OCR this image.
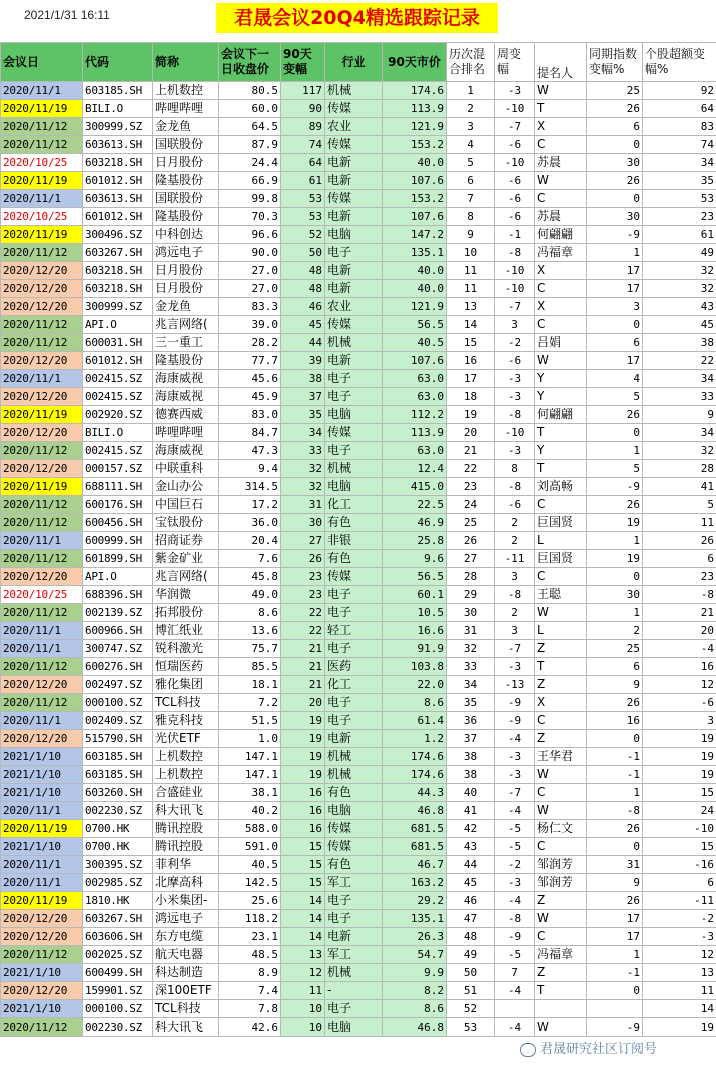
2021/1/31 16:11	君晟会议20Q4精选跟踪记录
会议日	代码	简称	会议下一日收盘价	90天变幅	行业	90天市价	历次混合排名	周变幅	提名人	同期指数变幅%	个股超额变幅%
2020/11/1	603185.SH	上机数控	80.5	117	机械	174.6	1	-3	W	25	92
2020/11/19	BILI.O	哔哩哔哩	60.0	90	传媒	113.9	2	-10	T	26	64
2020/11/12	300999.SZ	金龙鱼	64.5	89	农业	121.9	3	-7	X	6	83
2020/11/12	603613.SH	国联股份	87.9	74	传媒	153.2	4	-6	C	0	74
2020/10/25	603218.SH	日月股份	24.4	64	电新	40.0	5	-10	苏晨	30	34
2020/11/19	601012.SH	隆基股份	66.9	61	电新	107.6	6	-6	W	26	35
2020/11/1	603613.SH	国联股份	99.8	53	传媒	153.2	7	-6	C	0	53
2020/10/25	601012.SH	隆基股份	70.3	53	电新	107.6	8	-6	苏晨	30	23
2020/11/19	300496.SZ	中科创达	96.6	52	电脑	147.2	9	-1	何翩翩	-9	61
2020/11/12	603267.SH	鸿远电子	90.0	50	电子	135.1	10	-8	冯福章	1	49
2020/12/20	603218.SH	日月股份	27.0	48	电新	40.0	11	-10	X	17	32
2020/12/20	603218.SH	日月股份	27.0	48	电新	40.0	11	-10	C	17	32
2020/12/20	300999.SZ	金龙鱼	83.3	46	农业	121.9	13	-7	X	3	43
2020/11/12	API.O	兆言网络(	39.0	45	传媒	56.5	14	3	C	0	45
2020/11/12	600031.SH	三一重工	28.2	44	机械	40.5	15	-2	吕娟	6	38
2020/12/20	601012.SH	隆基股份	77.7	39	电新	107.6	16	-6	W	17	22
2020/11/1	002415.SZ	海康威视	45.6	38	电子	63.0	17	-3	Y	4	34
2020/12/20	002415.SZ	海康威视	45.9	37	电子	63.0	18	-3	Y	5	33
2020/11/19	002920.SZ	德赛西威	83.0	35	电脑	112.2	19	-8	何翩翩	26	9
2020/12/20	BILI.O	哔哩哔哩	84.7	34	传媒	113.9	20	-10	T	0	34
2020/11/12	002415.SZ	海康威视	47.3	33	电子	63.0	21	-3	Y	1	32
2020/12/20	000157.SZ	中联重科	9.4	32	机械	12.4	22	8	T	5	28
2020/11/19	688111.SH	金山办公	314.5	32	电脑	415.0	23	-8	刘高畅	-9	41
2020/11/12	600176.SH	中国巨石	17.2	31	化工	22.5	24	-6	C	26	5
2020/11/12	600456.SH	宝钛股份	36.0	30	有色	46.9	25	2	巨国贤	19	11
2020/11/1	600999.SH	招商证券	20.4	27	非银	25.8	26	2	L	1	26
2020/11/12	601899.SH	紫金矿业	7.6	26	有色	9.6	27	-11	巨国贤	19	6
2020/12/20	API.O	兆言网络(	45.8	23	传媒	56.5	28	3	C	0	23
2020/10/25	688396.SH	华润微	49.0	23	电子	60.1	29	-8	王聪	30	-8
2020/11/12	002139.SZ	拓邦股份	8.6	22	电子	10.5	30	2	W	1	21
2020/11/1	600966.SH	博汇纸业	13.6	22	轻工	16.6	31	3	L	2	20
2020/11/1	300747.SZ	锐科激光	75.7	21	电子	91.9	32	-7	Z	25	-4
2020/11/12	600276.SH	恒瑞医药	85.5	21	医药	103.8	33	-3	T	6	16
2020/12/20	002497.SZ	雅化集团	18.1	21	化工	22.0	34	-13	Z	9	12
2020/11/12	000100.SZ	TCL科技	7.2	20	电子	8.6	35	-9	X	26	-6
2020/11/1	002409.SZ	雅克科技	51.5	19	电子	61.4	36	-9	C	16	3
2020/12/20	515790.SH	光伏ETF	1.0	19	电新	1.2	37	-4	Z	0	19
2021/1/10	603185.SH	上机数控	147.1	19	机械	174.6	38	-3	王华君	-1	19
2021/1/10	603185.SH	上机数控	147.1	19	机械	174.6	38	-3	W	-1	19
2021/1/10	603260.SH	合盛硅业	38.1	16	有色	44.3	40	-7	C	1	15
2020/11/1	002230.SZ	科大讯飞	40.2	16	电脑	46.8	41	-4	W	-8	24
2020/11/19	0700.HK	腾讯控股	588.0	16	传媒	681.5	42	-5	杨仁文	26	-10
2021/1/10	0700.HK	腾讯控股	591.0	15	传媒	681.5	43	-5	C	0	15
2020/11/1	300395.SZ	菲利华	40.5	15	有色	46.7	44	-2	邹润芳	31	-16
2020/11/1	002985.SZ	北摩高科	142.5	15	军工	163.2	45	-3	邹润芳	9	6
2020/11/19	1810.HK	小米集团-	25.6	14	电子	29.2	46	-4	Z	26	-11
2020/12/20	603267.SH	鸿远电子	118.2	14	电子	135.1	47	-8	W	17	-2
2020/12/20	603606.SH	东方电缆	23.1	14	电新	26.3	48	-9	C	17	-3
2020/11/12	002025.SZ	航天电器	48.5	13	军工	54.7	49	-5	冯福章	1	12
2021/1/10	600499.SH	科达制造	8.9	12	机械	9.9	50	7	Z	-1	13
2020/12/20	159901.SZ	深100ETF	7.4	11	-	8.2	51	-4	T	0	11
2021/1/10	000100.SZ	TCL科技	7.8	10	电子	8.6	52				14
2020/11/12	002230.SZ	科大讯飞	42.6	10	电脑	46.8	53	-4	W	-9	19
君晟研究社区订阅号
